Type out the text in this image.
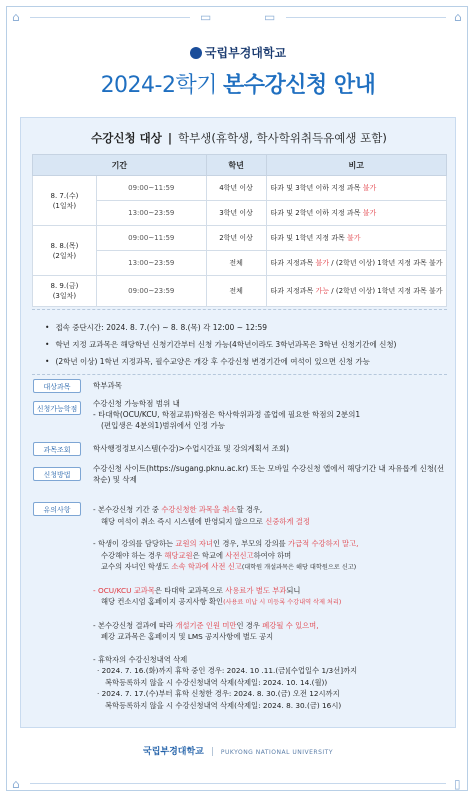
⌂	▭	▭	⌂
⌂	▯
국립부경대학교
2024-2학기 본수강신청 안내
수강신청 대상 | 학부생(휴학생, 학사학위취득유예생 포함)
기간		학년	비고
8. 7.(수)
(1일차)	09:00~11:59	4학년 이상	타과 및 3학년 이하 지정 과목 불가
	13:00~23:59	3학년 이상	타과 및 2학년 이하 지정 과목 불가
8. 8.(목)
(2일차)	09:00~11:59	2학년 이상	타과 및 1학년 지정 과목 불가
	13:00~23:59	전체	타과 지정과목 불가 / (2학년 이상) 1학년 지정 과목 불가
8. 9.(금)
(3일차)	09:00~23:59	전체	타과 지정과목 가능 / (2학년 이상) 1학년 지정 과목 불가
• 접속 중단시간: 2024. 8. 7.(수) ~ 8. 8.(목) 각 12:00 ~ 12:59
• 학년 지정 교과목은 해당학년 신청기간부터 신청 가능(4학년이라도 3학년과목은 3학년 신청기간에 신청)
• (2학년 이상) 1학년 지정과목, 필수교양은 개강 후 수강신청 변경기간에 여석이 있으면 신청 가능
대상과목	학부과목
신청가능학점
수강신청 가능학점 범위 내
- 타대학(OCU/KCU, 학점교류)학점은 학사학위과정 졸업에 필요한 학점의 2분의1
(편입생은 4분의1)범위에서 인정 가능
과목조회	학사행정정보시스템(수강)>수업시간표 및 강의계획서 조회)
신청방법
수강신청 사이트(https://sugang.pknu.ac.kr) 또는 모바일 수강신청 앱에서 해당기간 내 자유롭게 신청(선착순) 및 삭제
유의사항	- 본수강신청 기간 중 수강신청한 과목을 취소할 경우,
해당 여석이 취소 즉시 시스템에 반영되지 않으므로 신중하게 결정
- 학생이 강의를 담당하는 교원의 자녀인 경우, 부모의 강의를 가급적 수강하지 말고,
수강해야 하는 경우 해당교원은 학교에 사전신고하여야 하며
교수의 자녀인 학생도 소속 학과에 사전 신고(대학원 개설과목은 해당 대학원으로 신고)
- OCU/KCU 교과목은 타대학 교과목으로 사용료가 별도 부과되니
해당 컨소시엄 홈페이지 공지사항 확인(사용료 미납 시 미등록 수강내역 삭제 처리)
- 본수강신청 결과에 따라 개설기준 인원 미만인 경우 폐강될 수 있으며,
폐강 교과목은 홈페이지 및 LMS 공지사항에 별도 공지
- 휴학자의 수강신청내역 삭제
· 2024. 7. 16.(화)까지 휴학 중인 경우: 2024. 10 .11.(금)[수업일수 1/3선]까지
복학등록하지 않을 시 수강신청내역 삭제(삭제일: 2024. 10. 14.(월))
· 2024. 7. 17.(수)부터 휴학 신청한 경우: 2024. 8. 30.(금) 오전 12시까지
복학등록하지 않을 시 수강신청내역 삭제(삭제일: 2024. 8. 30.(금) 16시)
국립부경대학교 | PUKYONG NATIONAL UNIVERSITY
